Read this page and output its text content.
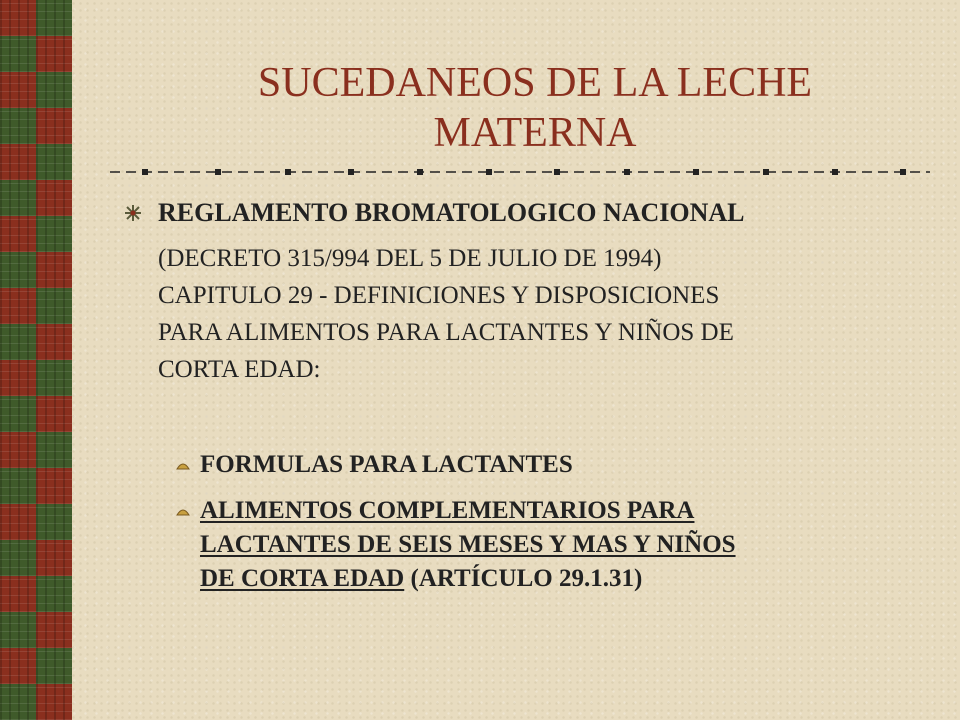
SUCEDANEOS DE LA LECHE MATERNA
REGLAMENTO BROMATOLOGICO NACIONAL
(DECRETO 315/994 DEL 5 DE JULIO DE 1994)
CAPITULO 29 - DEFINICIONES Y DISPOSICIONES
PARA ALIMENTOS PARA LACTANTES Y NIÑOS DE
CORTA EDAD:
FORMULAS PARA LACTANTES
ALIMENTOS COMPLEMENTARIOS PARA
LACTANTES DE SEIS MESES Y MAS Y NIÑOS
DE CORTA EDAD (ARTÍCULO 29.1.31)
